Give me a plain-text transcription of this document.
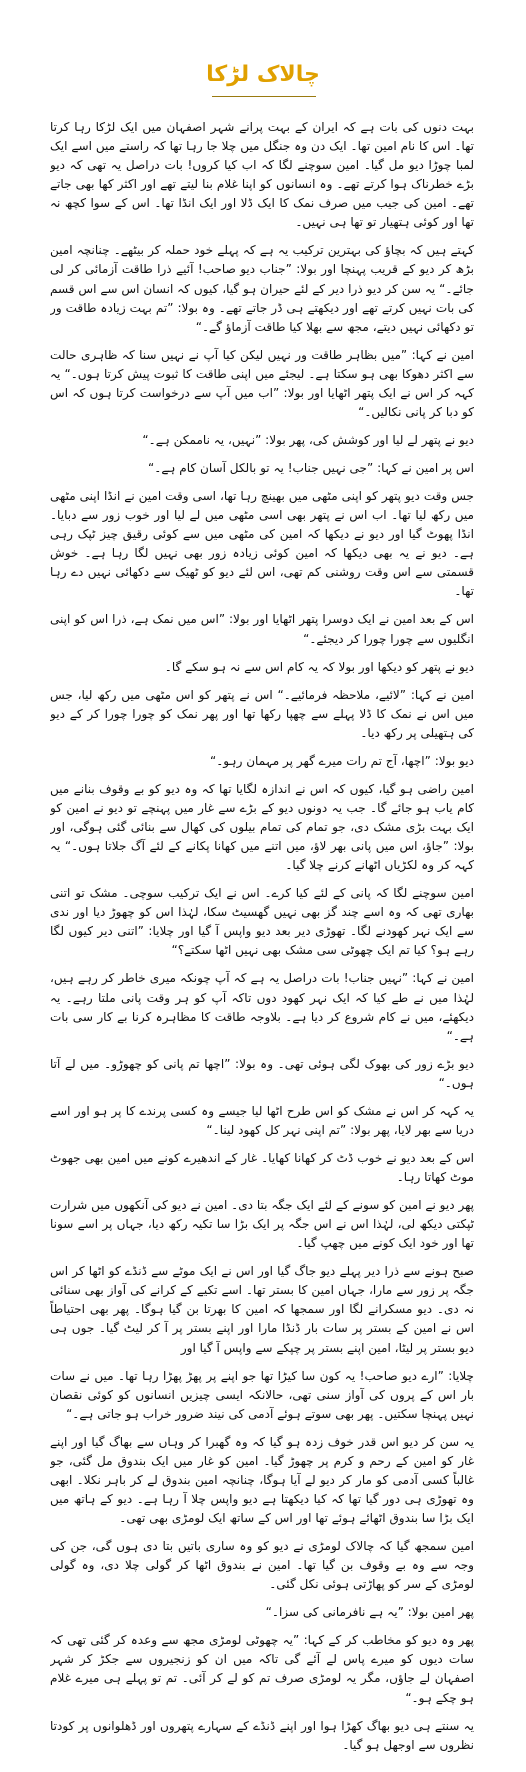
چالاک لڑکا

بہت دنوں کی بات ہے کہ ایران کے بہت پرانے شہر اصفہان میں ایک لڑکا رہا کرتا تھا۔ اس کا نام امین تھا۔ ایک دن وہ جنگل میں چلا جا رہا تھا کہ راستے میں اسے ایک لمبا چوڑا دیو مل گیا۔ امین سوچنے لگا کہ اب کیا کروں! بات دراصل یہ تھی کہ دیو بڑے خطرناک ہوا کرتے تھے۔ وہ انسانوں کو اپنا غلام بنا لیتے تھے اور اکثر کھا بھی جاتے تھے۔ امین کی جیب میں صرف نمک کا ایک ڈلا اور ایک انڈا تھا۔ اس کے سوا کچھ نہ تھا اور کوئی ہتھیار تو تھا ہی نہیں۔

کہتے ہیں کہ بچاؤ کی بہترین ترکیب یہ ہے کہ پہلے خود حملہ کر بیٹھے۔ چنانچہ امین بڑھ کر دیو کے قریب پہنچا اور بولا: ”جناب دیو صاحب! آئیے ذرا طاقت آزمائی کر لی جائے۔“ یہ سن کر دیو ذرا دیر کے لئے حیران ہو گیا، کیوں کہ انسان اس سے اس قسم کی بات نہیں کرتے تھے اور دیکھتے ہی ڈر جاتے تھے۔ وہ بولا: ”تم بہت زیادہ طاقت ور تو دکھائی نہیں دیتے، مجھ سے بھلا کیا طاقت آزماؤ گے۔“

امین نے کہا: ”میں بظاہر طاقت ور نہیں لیکن کیا آپ نے نہیں سنا کہ ظاہری حالت سے اکثر دھوکا بھی ہو سکتا ہے۔ لیجئے میں اپنی طاقت کا ثبوت پیش کرتا ہوں۔“ یہ کہہ کر اس نے ایک پتھر اٹھایا اور بولا: ”اب میں آپ سے درخواست کرتا ہوں کہ اس کو دبا کر پانی نکالیں۔“

دیو نے پتھر لے لیا اور کوشش کی، پھر بولا: ”نہیں، یہ ناممکن ہے۔“

اس پر امین نے کہا: ”جی نہیں جناب! یہ تو بالکل آسان کام ہے۔“

جس وقت دیو پتھر کو اپنی مٹھی میں بھینچ رہا تھا، اسی وقت امین نے انڈا اپنی مٹھی میں رکھ لیا تھا۔ اب اس نے پتھر بھی اسی مٹھی میں لے لیا اور خوب زور سے دبایا۔ انڈا پھوٹ گیا اور دیو نے دیکھا کہ امین کی مٹھی میں سے کوئی رقیق چیز ٹپک رہی ہے۔ دیو نے یہ بھی دیکھا کہ امین کوئی زیادہ زور بھی نہیں لگا رہا ہے۔ خوش قسمتی سے اس وقت روشنی کم تھی، اس لئے دیو کو ٹھیک سے دکھائی نہیں دے رہا تھا۔

اس کے بعد امین نے ایک دوسرا پتھر اٹھایا اور بولا: ”اس میں نمک ہے، ذرا اس کو اپنی انگلیوں سے چورا چورا کر دیجئے۔“

دیو نے پتھر کو دیکھا اور بولا کہ یہ کام اس سے نہ ہو سکے گا۔

امین نے کہا: ”لائیے، ملاحظہ فرمائیے۔“ اس نے پتھر کو اس مٹھی میں رکھ لیا، جس میں اس نے نمک کا ڈلا پہلے سے چھپا رکھا تھا اور پھر نمک کو چورا چورا کر کے دیو کی ہتھیلی پر رکھ دیا۔

دیو بولا: ”اچھا، آج تم رات میرے گھر پر مہمان رہو۔“

امین راضی ہو گیا، کیوں کہ اس نے اندازہ لگایا تھا کہ وہ دیو کو بے وقوف بنانے میں کام یاب ہو جائے گا۔ جب یہ دونوں دیو کے بڑے سے غار میں پہنچے تو دیو نے امین کو ایک بہت بڑی مشک دی، جو تمام کی تمام بیلوں کی کھال سے بنائی گئی ہوگی، اور بولا: ”جاؤ، اس میں پانی بھر لاؤ، میں اتنے میں کھانا پکانے کے لئے آگ جلاتا ہوں۔“ یہ کہہ کر وہ لکڑیاں اٹھانے کرنے چلا گیا۔

امین سوچنے لگا کہ پانی کے لئے کیا کرے۔ اس نے ایک ترکیب سوچی۔ مشک تو اتنی بھاری تھی کہ وہ اسے چند گز بھی نہیں گھسیٹ سکا، لہٰذا اس کو چھوڑ دیا اور ندی سے ایک نہر کھودنے لگا۔ تھوڑی دیر بعد دیو واپس آ گیا اور چلایا: ”اتنی دیر کیوں لگا رہے ہو؟ کیا تم ایک چھوٹی سی مشک بھی نہیں اٹھا سکتے؟“

امین نے کہا: ”نہیں جناب! بات دراصل یہ ہے کہ آپ چونکہ میری خاطر کر رہے ہیں، لہٰذا میں نے طے کیا کہ ایک نہر کھود دوں تاکہ آپ کو ہر وقت پانی ملتا رہے۔ یہ دیکھئے، میں نے کام شروع کر دیا ہے۔ بلاوجہ طاقت کا مظاہرہ کرنا بے کار سی بات ہے۔“

دیو بڑے زور کی بھوک لگی ہوئی تھی۔ وہ بولا: ”اچھا تم پانی کو چھوڑو۔ میں لے آتا ہوں۔“

یہ کہہ کر اس نے مشک کو اس طرح اٹھا لیا جیسے وہ کسی پرندے کا پر ہو اور اسے دریا سے بھر لایا، پھر بولا: ”تم اپنی نہر کل کھود لینا۔“

اس کے بعد دیو نے خوب ڈٹ کر کھانا کھایا۔ غار کے اندھیرے کونے میں امین بھی جھوٹ موٹ کھاتا رہا۔

پھر دیو نے امین کو سونے کے لئے ایک جگہ بتا دی۔ امین نے دیو کی آنکھوں میں شرارت ٹپکتی دیکھ لی، لہٰذا اس نے اس جگہ پر ایک بڑا سا تکیہ رکھ دیا، جہاں پر اسے سونا تھا اور خود ایک کونے میں چھپ گیا۔

صبح ہونے سے ذرا دیر پہلے دیو جاگ گیا اور اس نے ایک موٹے سے ڈنڈے کو اٹھا کر اس جگہ پر زور سے مارا، جہاں امین کا بستر تھا۔ اسے تکیے کے کرانے کی آواز بھی سنائی نہ دی۔ دیو مسکرانے لگا اور سمجھا کہ امین کا بھرتا بن گیا ہوگا۔ پھر بھی احتیاطاً اس نے امین کے بستر پر سات بار ڈنڈا مارا اور اپنے بستر پر آ کر لیٹ گیا۔ جوں ہی دیو بستر پر لیٹا، امین اپنے بستر پر چپکے سے واپس آ گیا اور

چلایا: ”ارے دیو صاحب! یہ کون سا کیڑا تھا جو اپنے پر پھڑ پھڑا رہا تھا۔ میں نے سات بار اس کے پروں کی آواز سنی تھی، حالانکہ ایسی چیزیں انسانوں کو کوئی نقصان نہیں پہنچا سکتیں۔ پھر بھی سوتے ہوئے آدمی کی نیند ضرور خراب ہو جاتی ہے۔“

یہ سن کر دیو اس قدر خوف زدہ ہو گیا کہ وہ گھبرا کر وہاں سے بھاگ گیا اور اپنے غار کو امین کے رحم و کرم پر چھوڑ گیا۔ امین کو غار میں ایک بندوق مل گئی، جو غالباً کسی آدمی کو مار کر دیو لے آیا ہوگا، چنانچہ امین بندوق لے کر باہر نکلا۔ ابھی وہ تھوڑی ہی دور گیا تھا کہ کیا دیکھتا ہے دیو واپس چلا آ رہا ہے۔ دیو کے ہاتھ میں ایک بڑا سا بندوق اٹھائے ہوئے تھا اور اس کے ساتھ ایک لومڑی بھی تھی۔

امین سمجھ گیا کہ چالاک لومڑی نے دیو کو وہ ساری باتیں بتا دی ہوں گی، جن کی وجہ سے وہ بے وقوف بن گیا تھا۔ امین نے بندوق اٹھا کر گولی چلا دی، وہ گولی لومڑی کے سر کو پھاڑتی ہوئی نکل گئی۔

پھر امین بولا: ”یہ ہے نافرمانی کی سزا۔“

پھر وہ دیو کو مخاطب کر کے کہا: ”یہ چھوٹی لومڑی مجھ سے وعدہ کر گئی تھی کہ سات دیوں کو میرے پاس لے آئے گی تاکہ میں ان کو زنجیروں سے جکڑ کر شہر اصفہان لے جاؤں، مگر یہ لومڑی صرف تم کو لے کر آئی۔ تم تو پہلے ہی میرے غلام ہو چکے ہو۔“

یہ سنتے ہی دیو بھاگ کھڑا ہوا اور اپنے ڈنڈے کے سہارے پتھروں اور ڈھلوانوں پر کودتا نظروں سے اوجھل ہو گیا۔
